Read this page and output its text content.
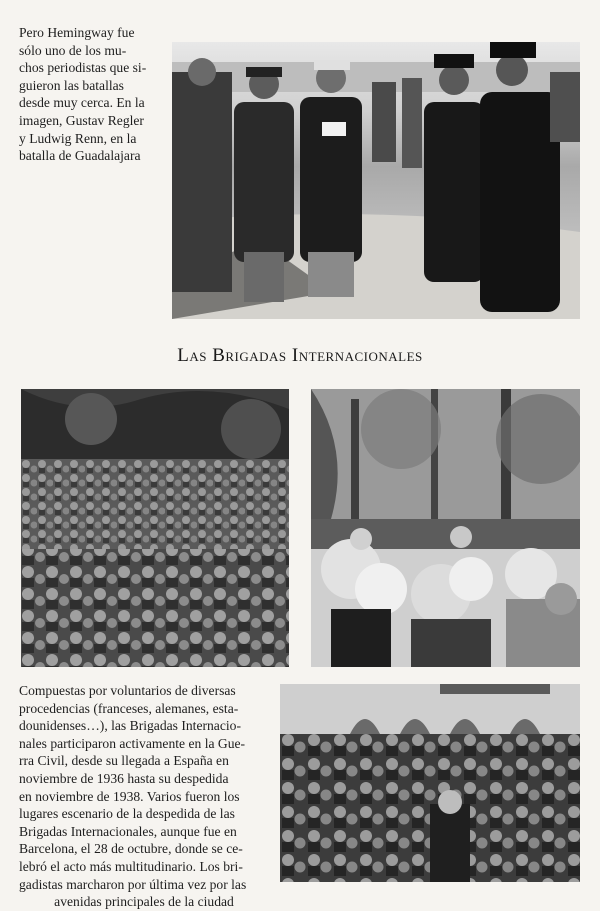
Pero Hemingway fue
sólo uno de los mu-
chos periodistas que si-
guieron las batallas
desde muy cerca. En la
imagen, Gustav Regler
y Ludwig Renn, en la
batalla de Guadalajara
Las Brigadas Internacionales
Compuestas por voluntarios de diversas
procedencias (franceses, alemanes, esta-
dounidenses…), las Brigadas Internacio-
nales participaron activamente en la Gue-
rra Civil, desde su llegada a España en
noviembre de 1936 hasta su despedida
en noviembre de 1938. Varios fueron los
lugares escenario de la despedida de las
Brigadas Internacionales, aunque fue en
Barcelona, el 28 de octubre, donde se ce-
lebró el acto más multitudinario. Los bri-
gadistas marcharon por última vez por las
avenidas principales de la ciudad
